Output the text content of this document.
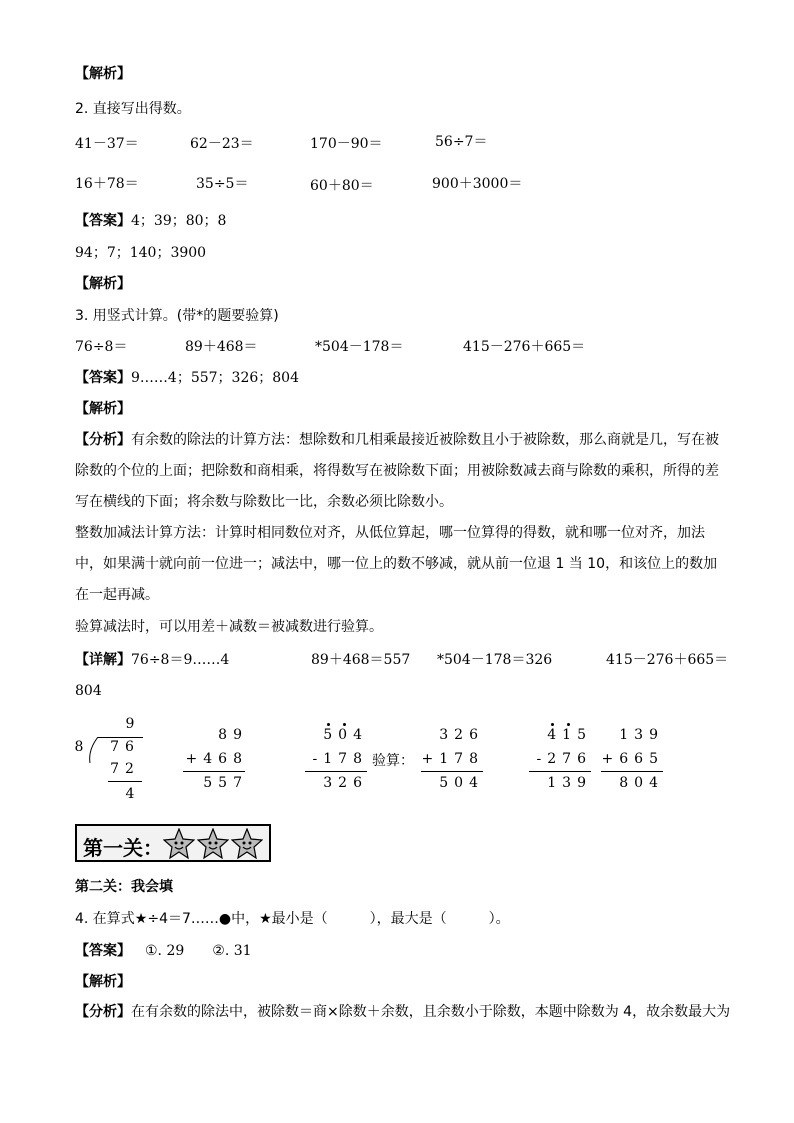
【解析】
2. 直接写出得数。
41－37＝	62－23＝	170－90＝	56÷7＝
16＋78＝	35÷5＝	60＋80＝	900＋3000＝
【答案】4；39；80；8
94；7；140；3900
【解析】
3. 用竖式计算。(带*的题要验算)
76÷8＝	89＋468＝	*504－178＝	415－276＋665＝
【答案】9……4；557；326；804
【解析】
【分析】有余数的除法的计算方法：想除数和几相乘最接近被除数且小于被除数，那么商就是几，写在被除数的个位的上面；把除数和商相乘，将得数写在被除数下面；用被除数减去商与除数的乘积，所得的差写在横线的下面；将余数与除数比一比，余数必须比除数小。
整数加减法计算方法：计算时相同数位对齐，从低位算起，哪一位算得的得数，就和哪一位对齐，加法中，如果满十就向前一位进一；减法中，哪一位上的数不够减，就从前一位退 1 当 10，和该位上的数加在一起再减。
验算减法时，可以用差＋减数＝被减数进行验算。
【详解】76÷8＝9……4	89＋468＝557 *504－178＝326	415－276＋665＝
804
9
8	76
72
4
89
+468
557
504
-178
326
验算：
326
+178
504
415
-276
139
139
+665
804
第一关：
第二关：我会填
4. 在算式★÷4＝7……●中，★最小是（　　　），最大是（　　　）。
【答案】 ①. 29　　②. 31
【解析】
【分析】在有余数的除法中，被除数＝商×除数＋余数，且余数小于除数，本题中除数为 4，故余数最大为
